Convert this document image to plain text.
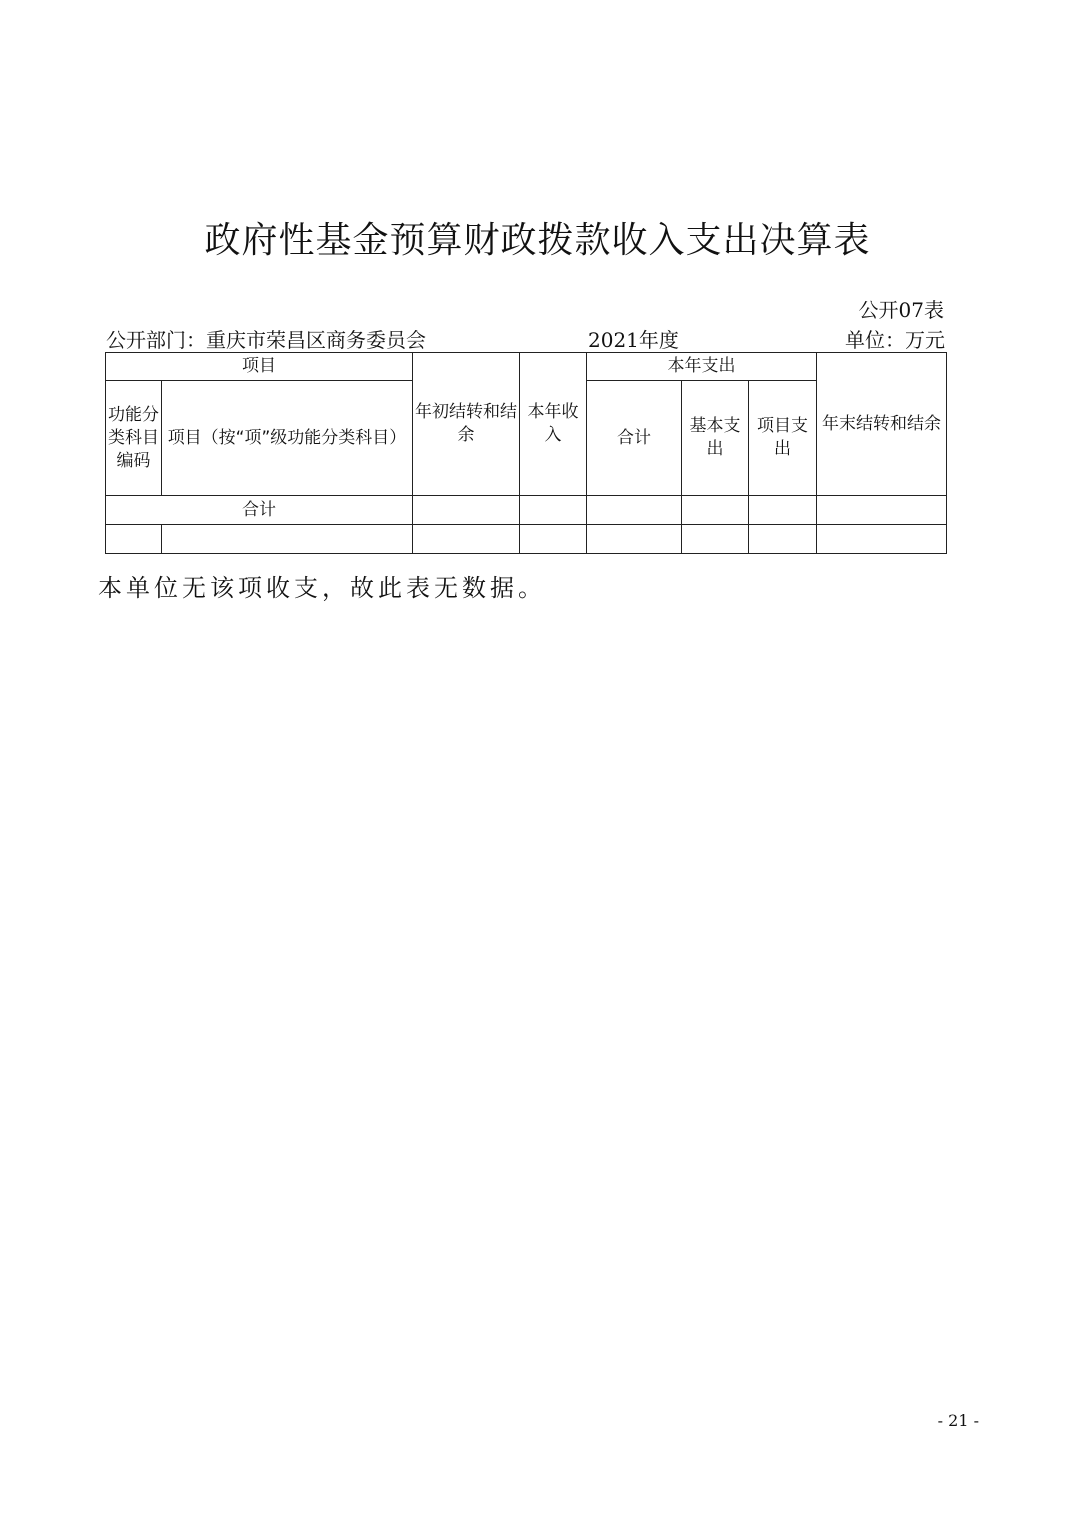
政府性基金预算财政拨款收入支出决算表
公开07表
公开部门：重庆市荣昌区商务委员会	2021年度	单位：万元
项目		年初结转和结余	本年收入	本年支出			年末结转和结余
功能分类科目编码	项目（按“项”级功能分类科目）			合计	基本支出	项目支出	
合计							

本单位无该项收支，故此表无数据。
- 21 -
